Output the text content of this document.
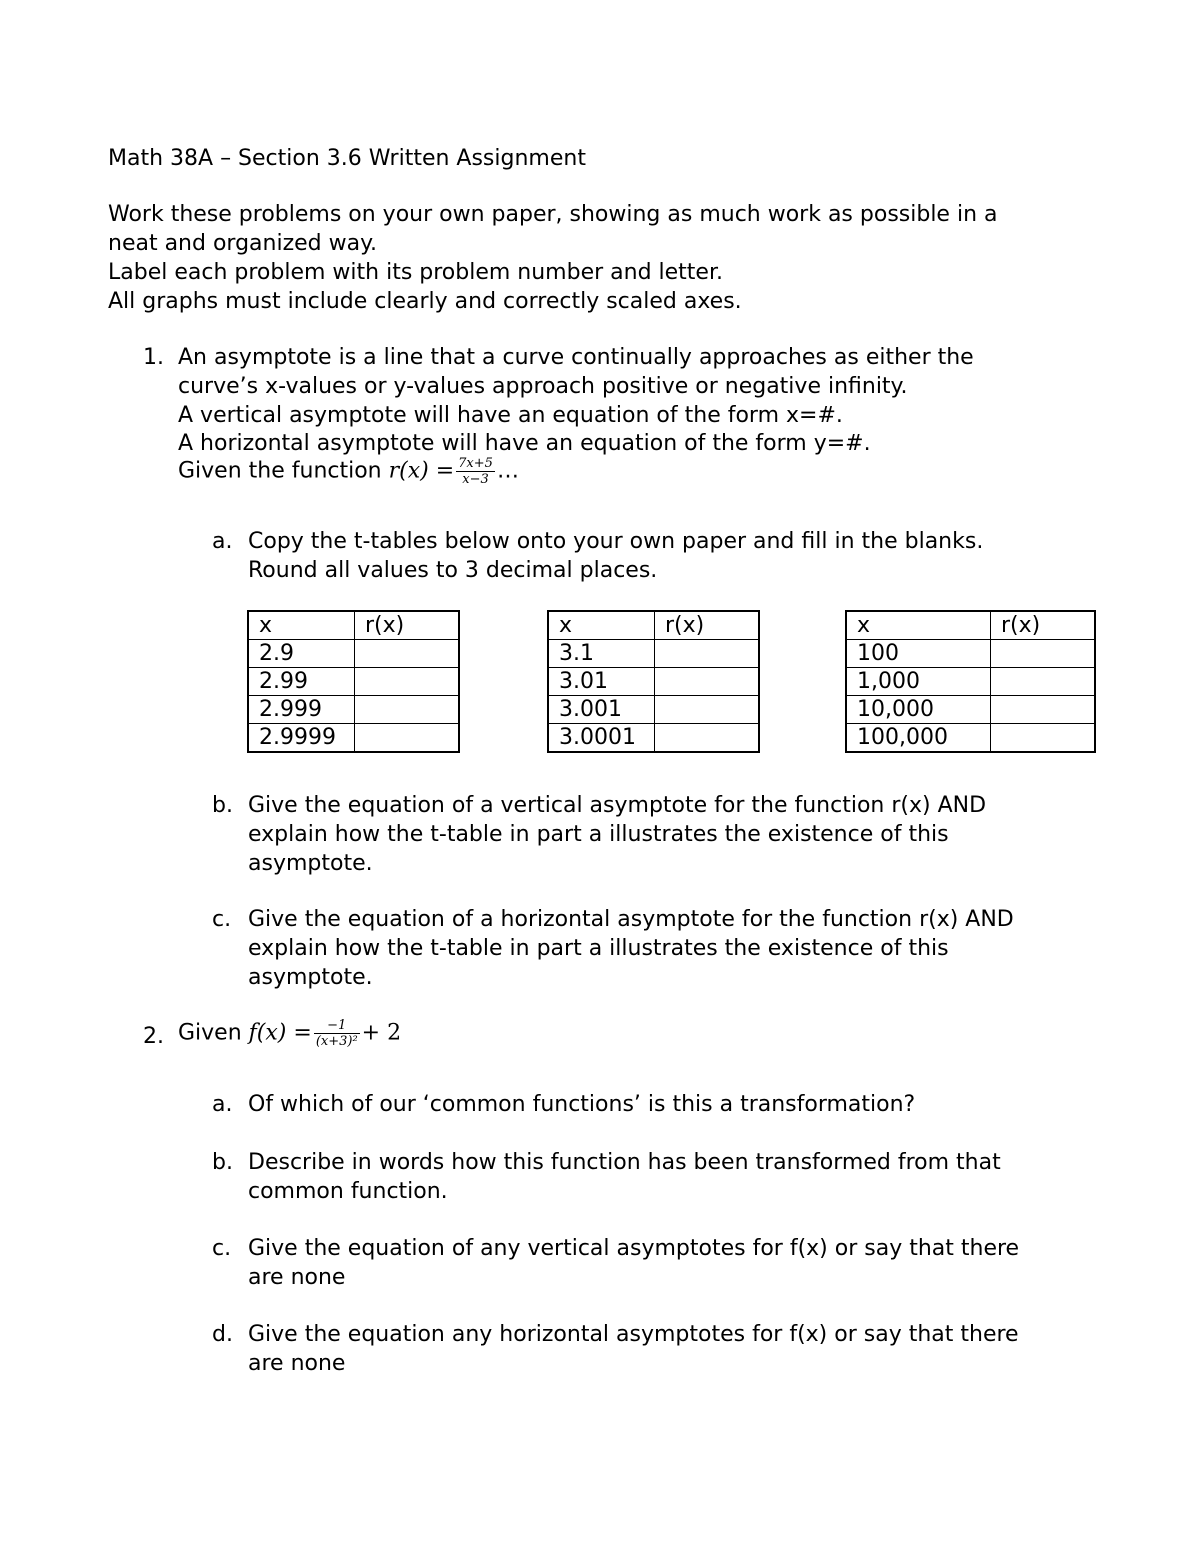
Math 38A – Section 3.6 Written Assignment
Work these problems on your own paper, showing as much work as possible in a
neat and organized way.
Label each problem with its problem number and letter.
All graphs must include clearly and correctly scaled axes.
1. An asymptote is a line that a curve continually approaches as either the
curve’s x-values or y-values approach positive or negative infinity.
A vertical asymptote will have an equation of the form x=#.
A horizontal asymptote will have an equation of the form y=#.
Given the function $r(x) = \frac{7x+5}{x-3}$ …
a. Copy the t-tables below onto your own paper and fill in the blanks.
Round all values to 3 decimal places.
x	r(x)
2.9	
2.99	
2.999	
2.9999	
x	r(x)
3.1	
3.01	
3.001	
3.0001	
x	r(x)
100	
1,000	
10,000	
100,000	
b. Give the equation of a vertical asymptote for the function r(x) AND
explain how the t-table in part a illustrates the existence of this
asymptote.
c. Give the equation of a horizontal asymptote for the function r(x) AND
explain how the t-table in part a illustrates the existence of this
asymptote.
2. Given $f(x) = \frac{-1}{\text{(x+3)²}} + 2$
a. Of which of our ‘common functions’ is this a transformation?
b. Describe in words how this function has been transformed from that
common function.
c. Give the equation of any vertical asymptotes for f(x) or say that there
are none
d. Give the equation any horizontal asymptotes for f(x) or say that there
are none
